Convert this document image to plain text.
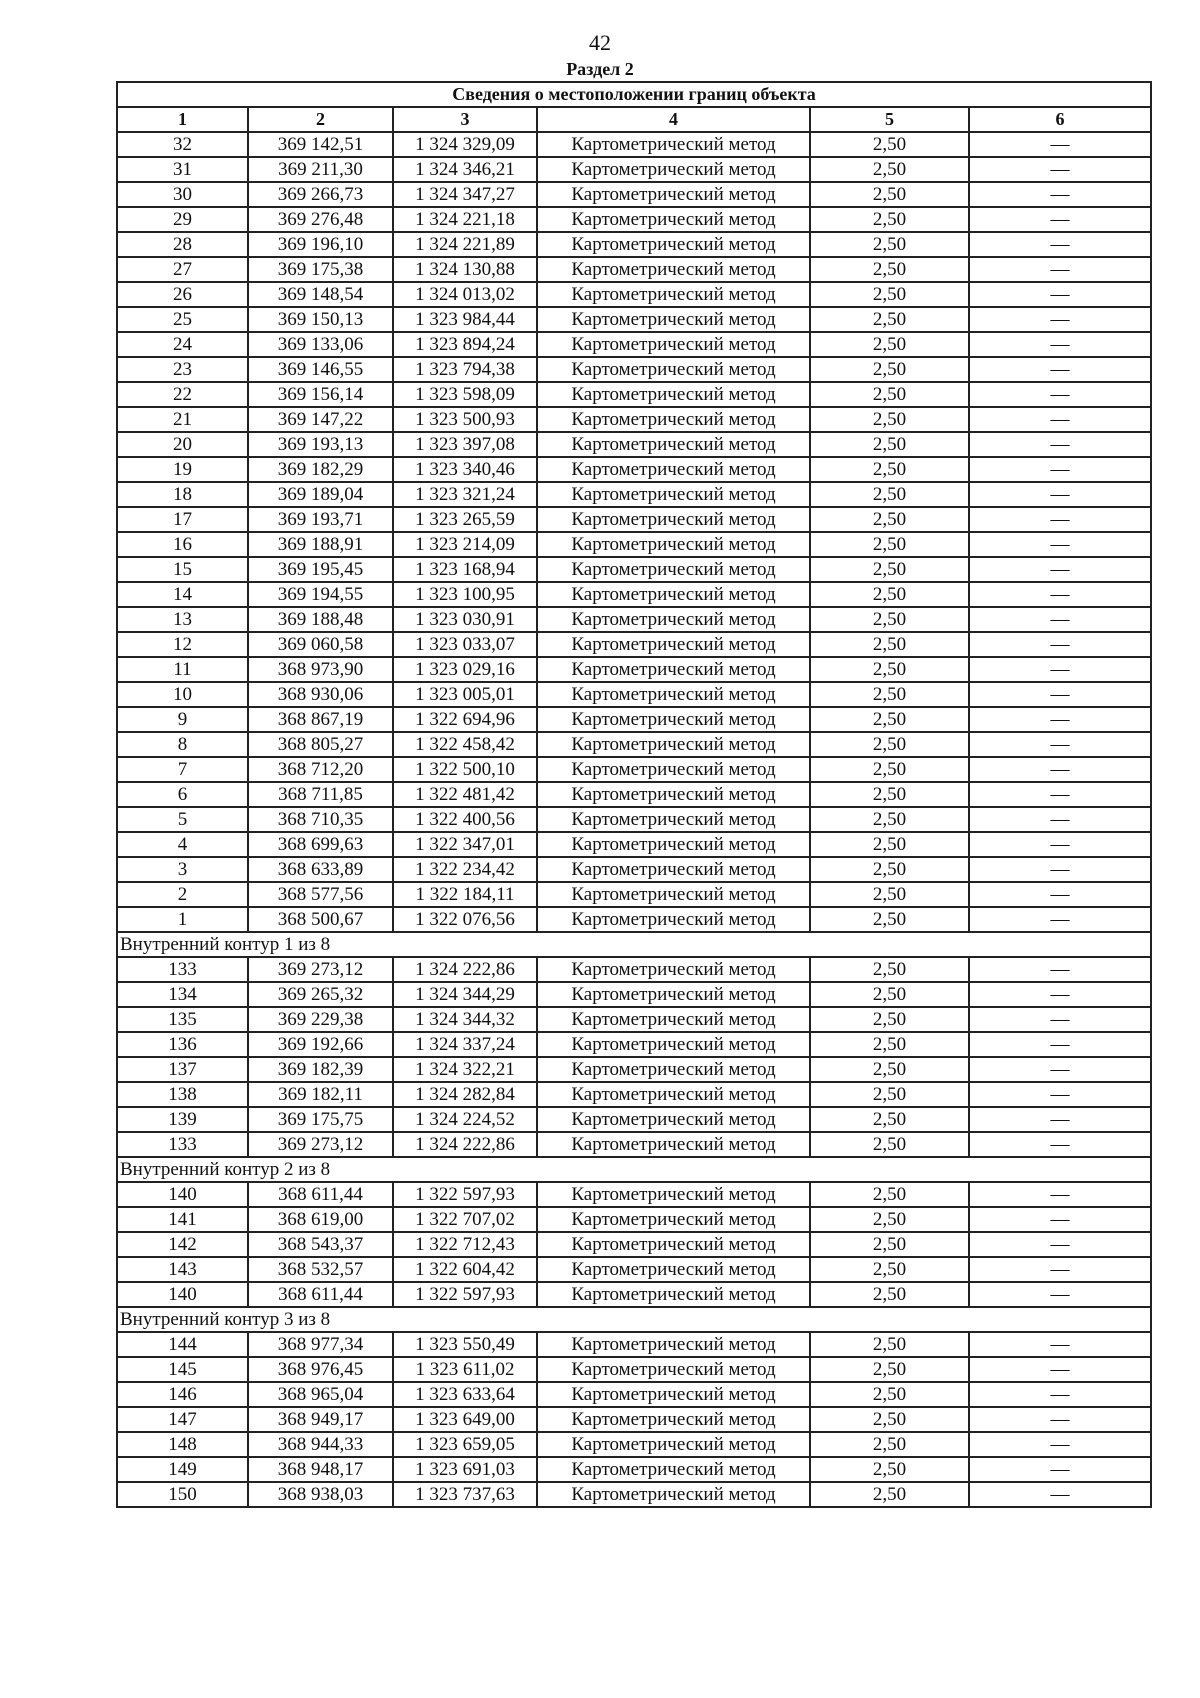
42
Раздел 2
Сведения о местоположении границ объекта					
1	2	3	4	5	6
32	369 142,51	1 324 329,09	Картометрический метод	2,50	—
31	369 211,30	1 324 346,21	Картометрический метод	2,50	—
30	369 266,73	1 324 347,27	Картометрический метод	2,50	—
29	369 276,48	1 324 221,18	Картометрический метод	2,50	—
28	369 196,10	1 324 221,89	Картометрический метод	2,50	—
27	369 175,38	1 324 130,88	Картометрический метод	2,50	—
26	369 148,54	1 324 013,02	Картометрический метод	2,50	—
25	369 150,13	1 323 984,44	Картометрический метод	2,50	—
24	369 133,06	1 323 894,24	Картометрический метод	2,50	—
23	369 146,55	1 323 794,38	Картометрический метод	2,50	—
22	369 156,14	1 323 598,09	Картометрический метод	2,50	—
21	369 147,22	1 323 500,93	Картометрический метод	2,50	—
20	369 193,13	1 323 397,08	Картометрический метод	2,50	—
19	369 182,29	1 323 340,46	Картометрический метод	2,50	—
18	369 189,04	1 323 321,24	Картометрический метод	2,50	—
17	369 193,71	1 323 265,59	Картометрический метод	2,50	—
16	369 188,91	1 323 214,09	Картометрический метод	2,50	—
15	369 195,45	1 323 168,94	Картометрический метод	2,50	—
14	369 194,55	1 323 100,95	Картометрический метод	2,50	—
13	369 188,48	1 323 030,91	Картометрический метод	2,50	—
12	369 060,58	1 323 033,07	Картометрический метод	2,50	—
11	368 973,90	1 323 029,16	Картометрический метод	2,50	—
10	368 930,06	1 323 005,01	Картометрический метод	2,50	—
9	368 867,19	1 322 694,96	Картометрический метод	2,50	—
8	368 805,27	1 322 458,42	Картометрический метод	2,50	—
7	368 712,20	1 322 500,10	Картометрический метод	2,50	—
6	368 711,85	1 322 481,42	Картометрический метод	2,50	—
5	368 710,35	1 322 400,56	Картометрический метод	2,50	—
4	368 699,63	1 322 347,01	Картометрический метод	2,50	—
3	368 633,89	1 322 234,42	Картометрический метод	2,50	—
2	368 577,56	1 322 184,11	Картометрический метод	2,50	—
1	368 500,67	1 322 076,56	Картометрический метод	2,50	—
Внутренний контур 1 из 8					
133	369 273,12	1 324 222,86	Картометрический метод	2,50	—
134	369 265,32	1 324 344,29	Картометрический метод	2,50	—
135	369 229,38	1 324 344,32	Картометрический метод	2,50	—
136	369 192,66	1 324 337,24	Картометрический метод	2,50	—
137	369 182,39	1 324 322,21	Картометрический метод	2,50	—
138	369 182,11	1 324 282,84	Картометрический метод	2,50	—
139	369 175,75	1 324 224,52	Картометрический метод	2,50	—
133	369 273,12	1 324 222,86	Картометрический метод	2,50	—
Внутренний контур 2 из 8					
140	368 611,44	1 322 597,93	Картометрический метод	2,50	—
141	368 619,00	1 322 707,02	Картометрический метод	2,50	—
142	368 543,37	1 322 712,43	Картометрический метод	2,50	—
143	368 532,57	1 322 604,42	Картометрический метод	2,50	—
140	368 611,44	1 322 597,93	Картометрический метод	2,50	—
Внутренний контур 3 из 8					
144	368 977,34	1 323 550,49	Картометрический метод	2,50	—
145	368 976,45	1 323 611,02	Картометрический метод	2,50	—
146	368 965,04	1 323 633,64	Картометрический метод	2,50	—
147	368 949,17	1 323 649,00	Картометрический метод	2,50	—
148	368 944,33	1 323 659,05	Картометрический метод	2,50	—
149	368 948,17	1 323 691,03	Картометрический метод	2,50	—
150	368 938,03	1 323 737,63	Картометрический метод	2,50	—
